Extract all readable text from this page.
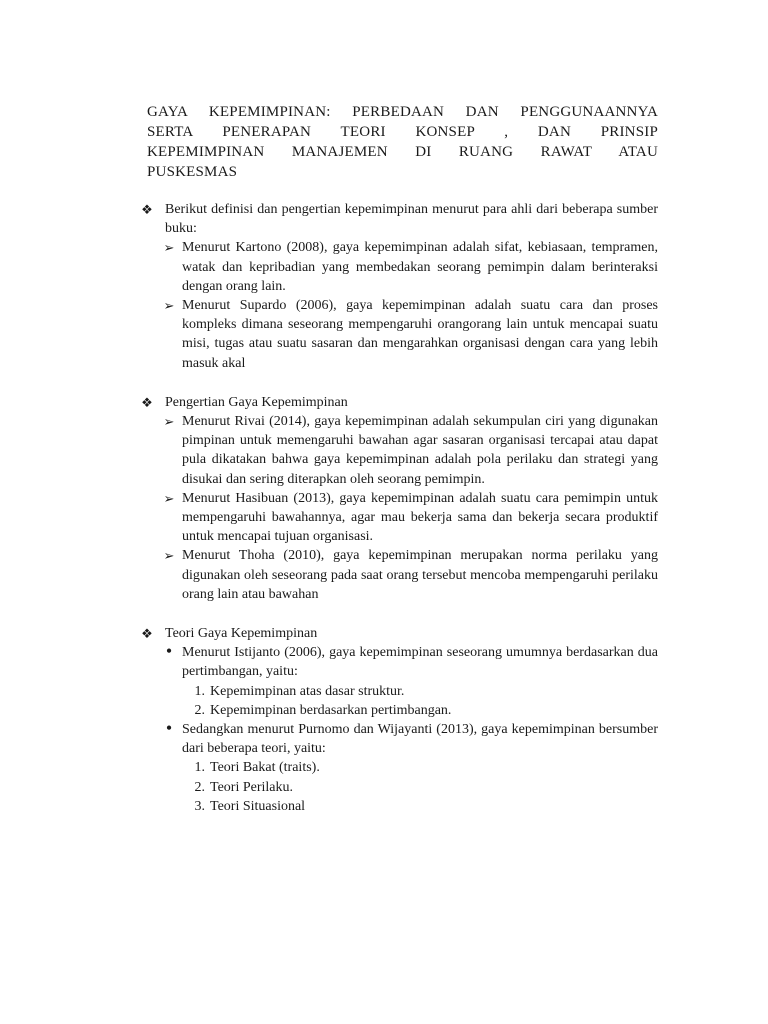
GAYA KEPEMIMPINAN: PERBEDAAN DAN PENGGUNAANNYA
SERTA PENERAPAN TEORI KONSEP , DAN PRINSIP
KEPEMIMPINAN MANAJEMEN DI RUANG RAWAT ATAU
PUSKESMAS
❖ Berikut definisi dan pengertian kepemimpinan menurut para ahli dari beberapa sumber buku:
➢ Menurut Kartono (2008), gaya kepemimpinan adalah sifat, kebiasaan, tempramen, watak dan kepribadian yang membedakan seorang pemimpin dalam berinteraksi dengan orang lain.
➢ Menurut Supardo (2006), gaya kepemimpinan adalah suatu cara dan proses kompleks dimana seseorang mempengaruhi orangorang lain untuk mencapai suatu misi, tugas atau suatu sasaran dan mengarahkan organisasi dengan cara yang lebih masuk akal
❖ Pengertian Gaya Kepemimpinan
➢ Menurut Rivai (2014), gaya kepemimpinan adalah sekumpulan ciri yang digunakan pimpinan untuk memengaruhi bawahan agar sasaran organisasi tercapai atau dapat pula dikatakan bahwa gaya kepemimpinan adalah pola perilaku dan strategi yang disukai dan sering diterapkan oleh seorang pemimpin.
➢ Menurut Hasibuan (2013), gaya kepemimpinan adalah suatu cara pemimpin untuk mempengaruhi bawahannya, agar mau bekerja sama dan bekerja secara produktif untuk mencapai tujuan organisasi.
➢ Menurut Thoha (2010), gaya kepemimpinan merupakan norma perilaku yang digunakan oleh seseorang pada saat orang tersebut mencoba mempengaruhi perilaku orang lain atau bawahan
❖ Teori Gaya Kepemimpinan
• Menurut Istijanto (2006), gaya kepemimpinan seseorang umumnya berdasarkan dua pertimbangan, yaitu:
1. Kepemimpinan atas dasar struktur.
2. Kepemimpinan berdasarkan pertimbangan.
• Sedangkan menurut Purnomo dan Wijayanti (2013), gaya kepemimpinan bersumber dari beberapa teori, yaitu:
1. Teori Bakat (traits).
2. Teori Perilaku.
3. Teori Situasional
